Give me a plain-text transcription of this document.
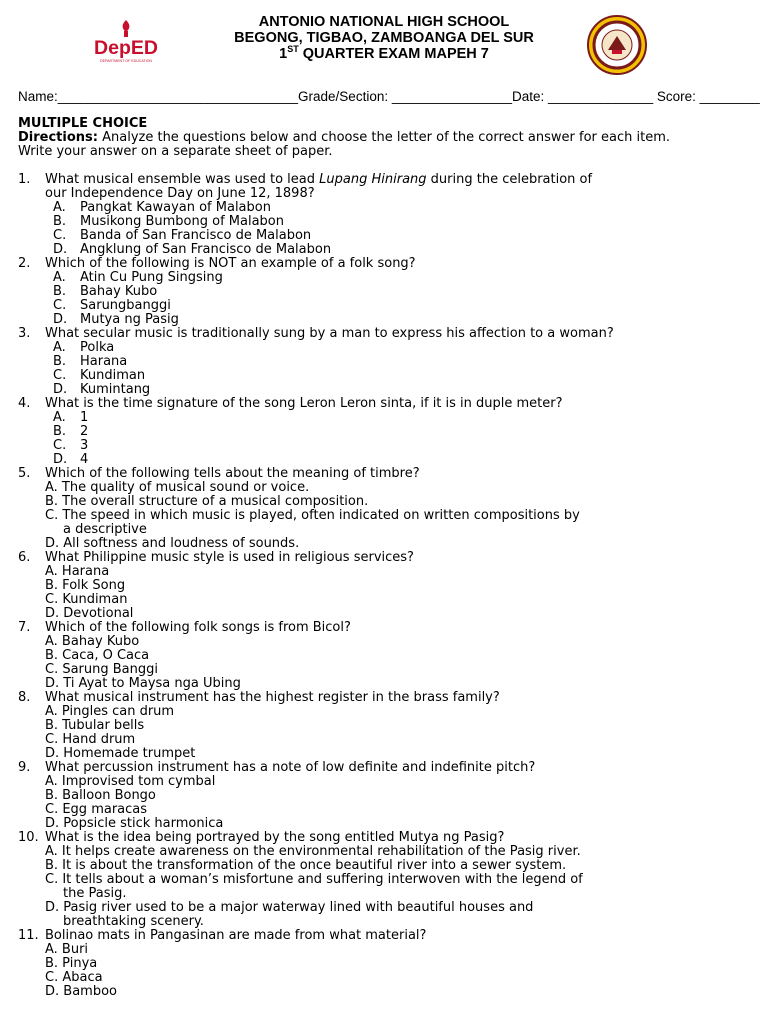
DepED
DEPARTMENT OF EDUCATION
ANTONIO NATIONAL HIGH SCHOOL
BEGONG, TIGBAO, ZAMBOANGA DEL SUR
1ST QUARTER EXAM MAPEH 7
Name:________________________________Grade/Section: ________________Date: ______________ Score: ________
MULTIPLE CHOICE
Directions: Analyze the questions below and choose the letter of the correct answer for each item.
Write your answer on a separate sheet of paper.
1.	What musical ensemble was used to lead Lupang Hinirang during the celebration of
our Independence Day on June 12, 1898?
A.	Pangkat Kawayan of Malabon
B.	Musikong Bumbong of Malabon
C.	Banda of San Francisco de Malabon
D. Angklung of San Francisco de Malabon
2.	Which of the following is NOT an example of a folk song?
A.	Atin Cu Pung Singsing
B.	Bahay Kubo
C.	Sarungbanggi
D. Mutya ng Pasig
3.	What secular music is traditionally sung by a man to express his affection to a woman?
A.	Polka
B.	Harana
C.	Kundiman
D. Kumintang
4.	What is the time signature of the song Leron Leron sinta, if it is in duple meter?
A.	1
B.	2
C.	3
D. 4
5.	Which of the following tells about the meaning of timbre?
A. The quality of musical sound or voice.
B. The overall structure of a musical composition.
C. The speed in which music is played, often indicated on written compositions by
a descriptive
D. All softness and loudness of sounds.
6.	What Philippine music style is used in religious services?
A. Harana
B. Folk Song
C. Kundiman
D. Devotional
7.	Which of the following folk songs is from Bicol?
A. Bahay Kubo
B. Caca, O Caca
C. Sarung Banggi
D. Ti Ayat to Maysa nga Ubing
8.	What musical instrument has the highest register in the brass family?
A. Pingles can drum
B. Tubular bells
C. Hand drum
D. Homemade trumpet
9.	What percussion instrument has a note of low definite and indefinite pitch?
A. Improvised tom cymbal
B. Balloon Bongo
C. Egg maracas
D. Popsicle stick harmonica
10. What is the idea being portrayed by the song entitled Mutya ng Pasig?
A. It helps create awareness on the environmental rehabilitation of the Pasig river.
B. It is about the transformation of the once beautiful river into a sewer system.
C. It tells about a woman’s misfortune and suffering interwoven with the legend of
the Pasig.
D. Pasig river used to be a major waterway lined with beautiful houses and
breathtaking scenery.
11. Bolinao mats in Pangasinan are made from what material?
A. Buri
B. Pinya
C. Abaca
D. Bamboo
